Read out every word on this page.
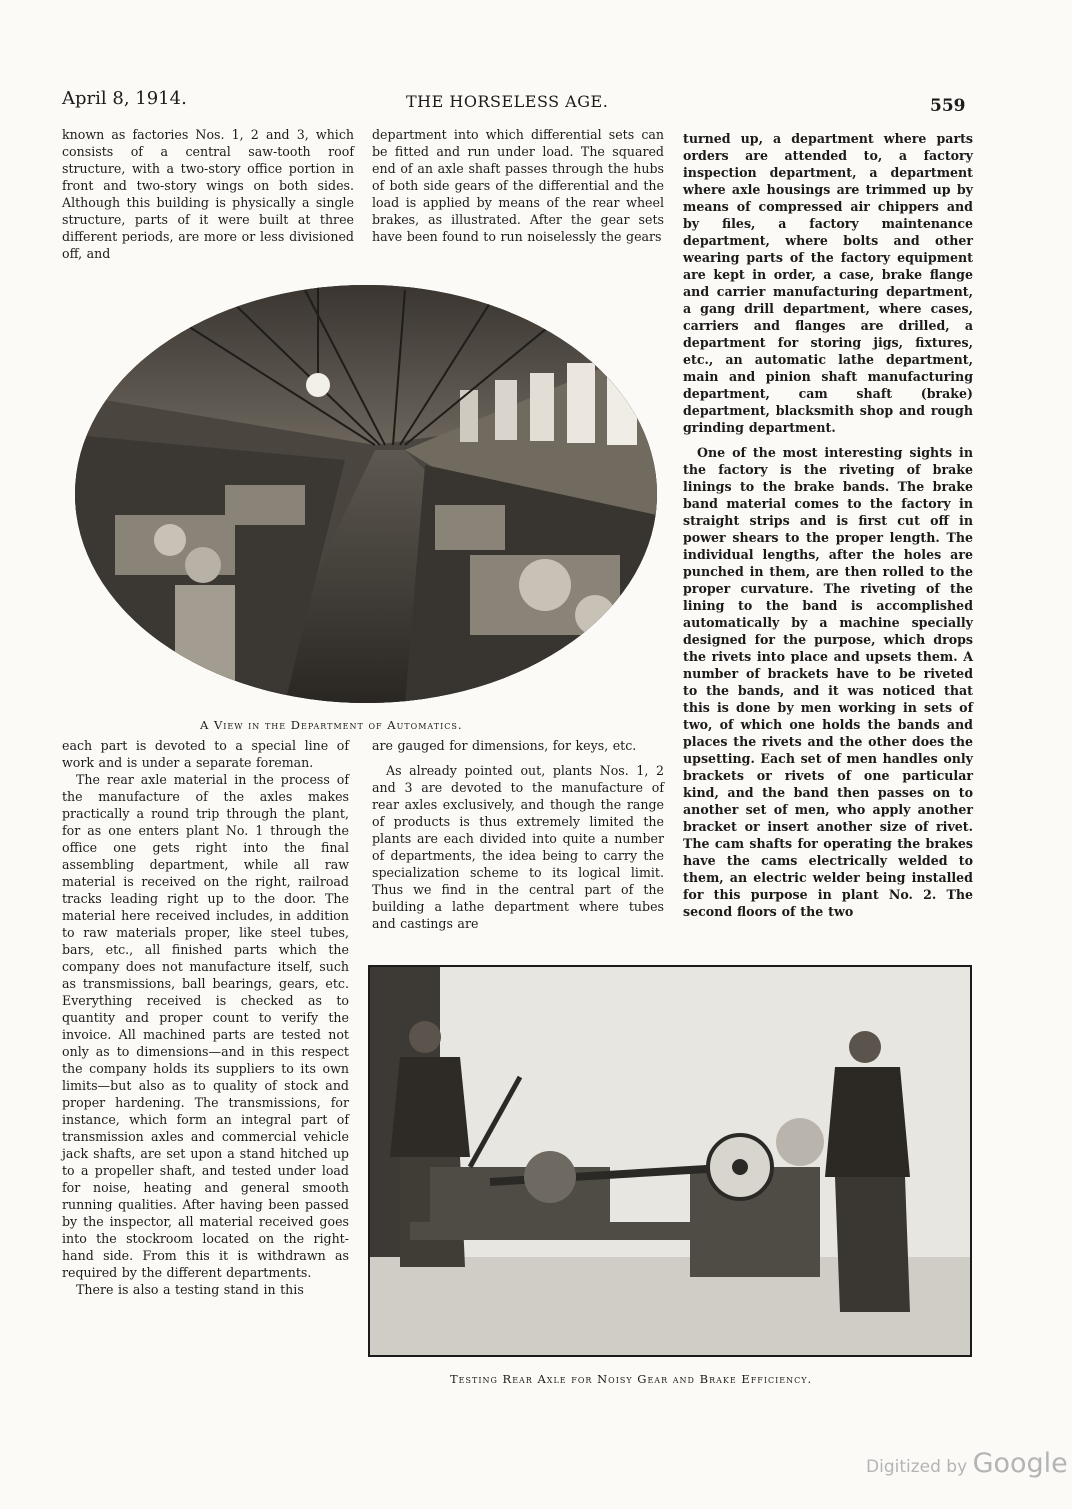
April 8, 1914.	THE HORSELESS AGE.	559

known as factories Nos. 1, 2 and 3, which consists of a central saw-tooth roof structure, with a two-story office portion in front and two-story wings on both sides. Although this building is physically a single structure, parts of it were built at three different periods, are more or less divisioned off, and

department into which differential sets can be fitted and run under load. The squared end of an axle shaft passes through the hubs of both side gears of the differential and the load is applied by means of the rear wheel brakes, as illustrated. After the gear sets have been found to run noiselessly the gears

turned up, a department where parts orders are attended to, a factory inspection department, a department where axle housings are trimmed up by means of compressed air chippers and by files, a factory maintenance department, where bolts and other wearing parts of the factory equipment are kept in order, a case, brake flange and carrier manufacturing department, a gang drill department, where cases, carriers and flanges are drilled, a department for storing jigs, fixtures, etc., an automatic lathe department, main and pinion shaft manufacturing department, cam shaft (brake) department, blacksmith shop and rough grinding department.

One of the most interesting sights in the factory is the riveting of brake linings to the brake bands. The brake band material comes to the factory in straight strips and is first cut off in power shears to the proper length. The individual lengths, after the holes are punched in them, are then rolled to the proper curvature. The riveting of the lining to the band is accomplished automatically by a machine specially designed for the purpose, which drops the rivets into place and upsets them. A number of brackets have to be riveted to the bands, and it was noticed that this is done by men working in sets of two, of which one holds the bands and places the rivets and the other does the upsetting. Each set of men handles only brackets or rivets of one particular kind, and the band then passes on to another set of men, who apply another bracket or insert another size of rivet. The cam shafts for operating the brakes have the cams electrically welded to them, an electric welder being installed for this purpose in plant No. 2. The second floors of the two

A View in the Department of Automatics.

each part is devoted to a special line of work and is under a separate foreman.

The rear axle material in the process of the manufacture of the axles makes practically a round trip through the plant, for as one enters plant No. 1 through the office one gets right into the final assembling department, while all raw material is received on the right, railroad tracks leading right up to the door. The material here received includes, in addition to raw materials proper, like steel tubes, bars, etc., all finished parts which the company does not manufacture itself, such as transmissions, ball bearings, gears, etc. Everything received is checked as to quantity and proper count to verify the invoice. All machined parts are tested not only as to dimensions—and in this respect the company holds its suppliers to its own limits—but also as to quality of stock and proper hardening. The transmissions, for instance, which form an integral part of transmission axles and commercial vehicle jack shafts, are set upon a stand hitched up to a propeller shaft, and tested under load for noise, heating and general smooth running qualities. After having been passed by the inspector, all material received goes into the stockroom located on the right-hand side. From this it is withdrawn as required by the different departments.

There is also a testing stand in this

are gauged for dimensions, for keys, etc.

As already pointed out, plants Nos. 1, 2 and 3 are devoted to the manufacture of rear axles exclusively, and though the range of products is thus extremely limited the plants are each divided into quite a number of departments, the idea being to carry the specialization scheme to its logical limit. Thus we find in the central part of the building a lathe department where tubes and castings are

Testing Rear Axle for Noisy Gear and Brake Efficiency.
Digitized by Google
